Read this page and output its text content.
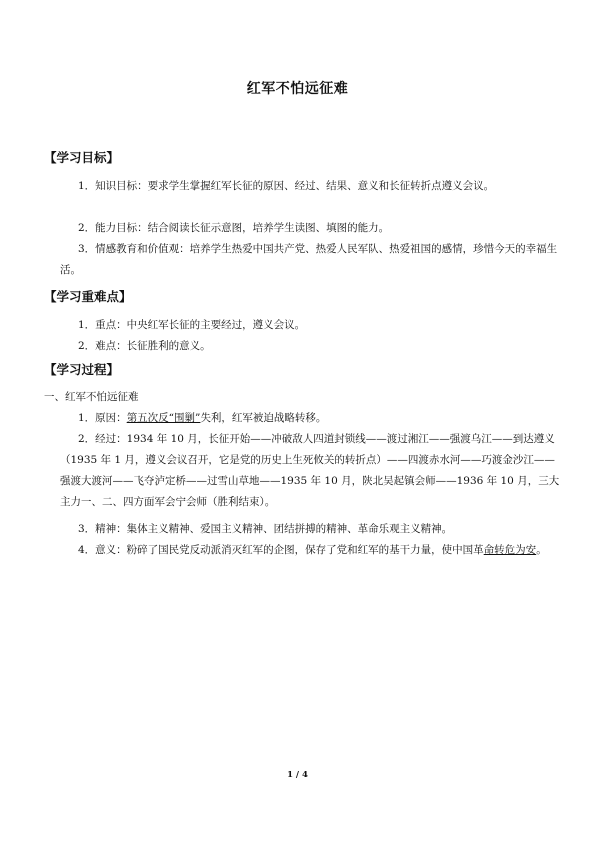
红军不怕远征难
【学习目标】

1．知识目标：要求学生掌握红军长征的原因、经过、结果、意义和长征转折点遵义会议。

2．能力目标：结合阅读长征示意图，培养学生读图、填图的能力。

3．情感教育和价值观：培养学生热爱中国共产党、热爱人民军队、热爱祖国的感情，珍惜今天的幸福生活。

【学习重难点】

1．重点：中央红军长征的主要经过，遵义会议。

2．难点：长征胜利的意义。

【学习过程】

一、红军不怕远征难

1．原因：第五次反“围剿”失利，红军被迫战略转移。

2．经过：1934 年 10 月，长征开始——冲破敌人四道封锁线——渡过湘江——强渡乌江——到达遵义（1935 年 1 月，遵义会议召开，它是党的历史上生死攸关的转折点）——四渡赤水河——巧渡金沙江——强渡大渡河——飞夺泸定桥——过雪山草地——1935 年 10 月，陕北吴起镇会师——1936 年 10 月，三大主力一、二、四方面军会宁会师（胜利结束）。

3．精神：集体主义精神、爱国主义精神、团结拼搏的精神、革命乐观主义精神。

4．意义：粉碎了国民党反动派消灭红军的企图，保存了党和红军的基干力量，使中国革命转危为安。

1 / 4
